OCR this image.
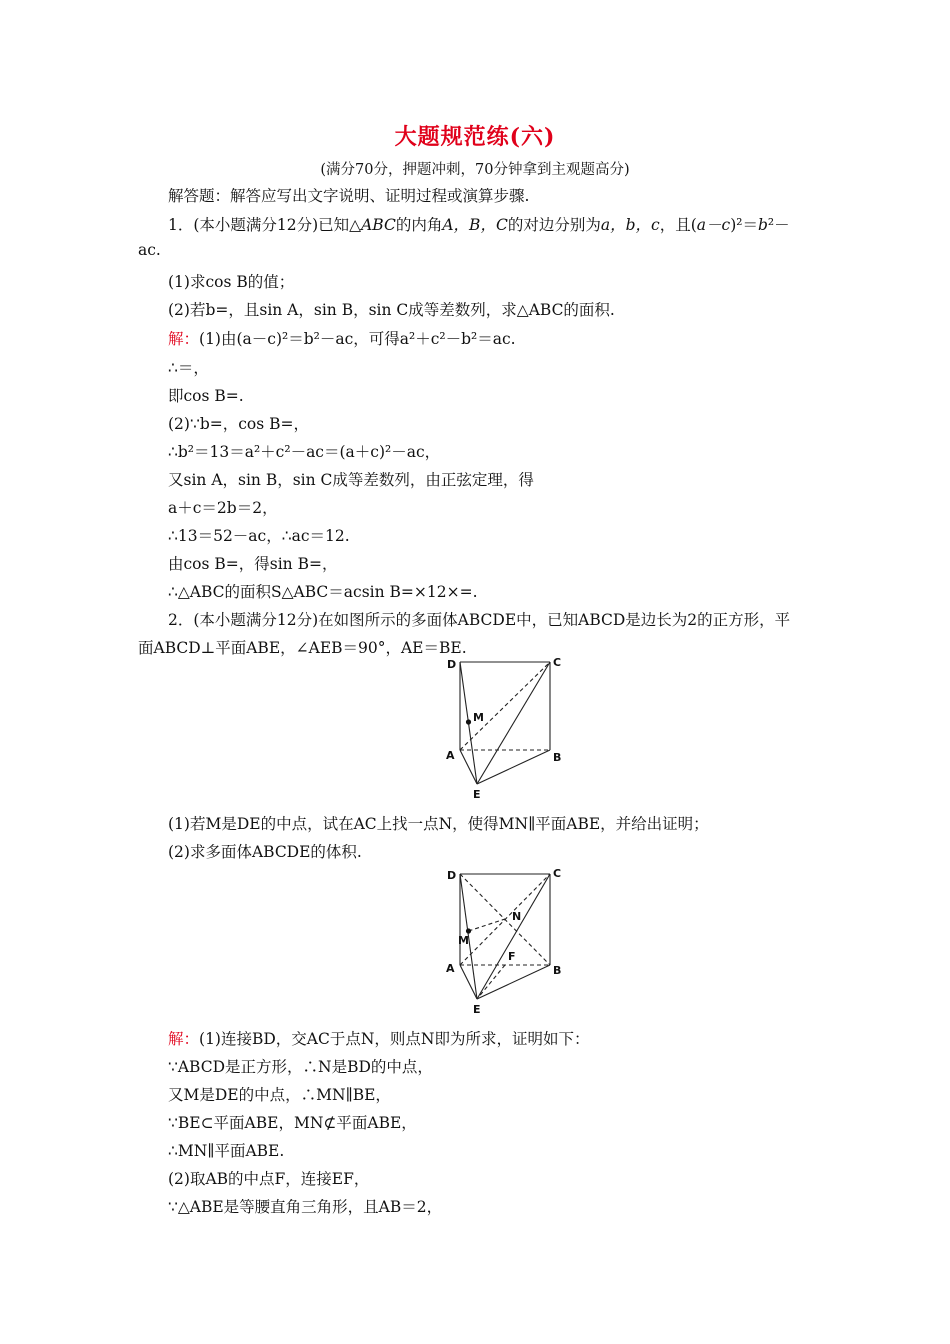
大题规范练(六)
(满分70分，押题冲刺，70分钟拿到主观题高分)
解答题：解答应写出文字说明、证明过程或演算步骤.
1．(本小题满分12分)已知△ABC的内角A，B，C的对边分别为a，b，c，且(a－c)²＝b²－
ac.
(1)求cos B的值；
(2)若b=，且sin A，sin B，sin C成等差数列，求△ABC的面积.
解：(1)由(a－c)²＝b²－ac，可得a²＋c²－b²＝ac.
∴＝，
即cos B=.
(2)∵b=，cos B=，
∴b²＝13＝a²＋c²－ac＝(a＋c)²－ac，
又sin A，sin B，sin C成等差数列，由正弦定理，得
a＋c＝2b＝2，
∴13＝52－ac，∴ac＝12.
由cos B=，得sin B=，
∴△ABC的面积S△ABC＝acsin B=×12×=.
2．(本小题满分12分)在如图所示的多面体ABCDE中，已知ABCD是边长为2的正方形，平
面ABCD⊥平面ABE，∠AEB＝90°，AE＝BE.
D	C
M
A	B
E
(1)若M是DE的中点，试在AC上找一点N，使得MN∥平面ABE，并给出证明；
(2)求多面体ABCDE的体积.
D	C
N
M
A
F
B
E
解：(1)连接BD，交AC于点N，则点N即为所求，证明如下：
∵ABCD是正方形，∴N是BD的中点，
又M是DE的中点，∴MN∥BE，
∵BE⊂平面ABE，MN⊄平面ABE，
∴MN∥平面ABE.
(2)取AB的中点F，连接EF，
∵△ABE是等腰直角三角形，且AB＝2，
